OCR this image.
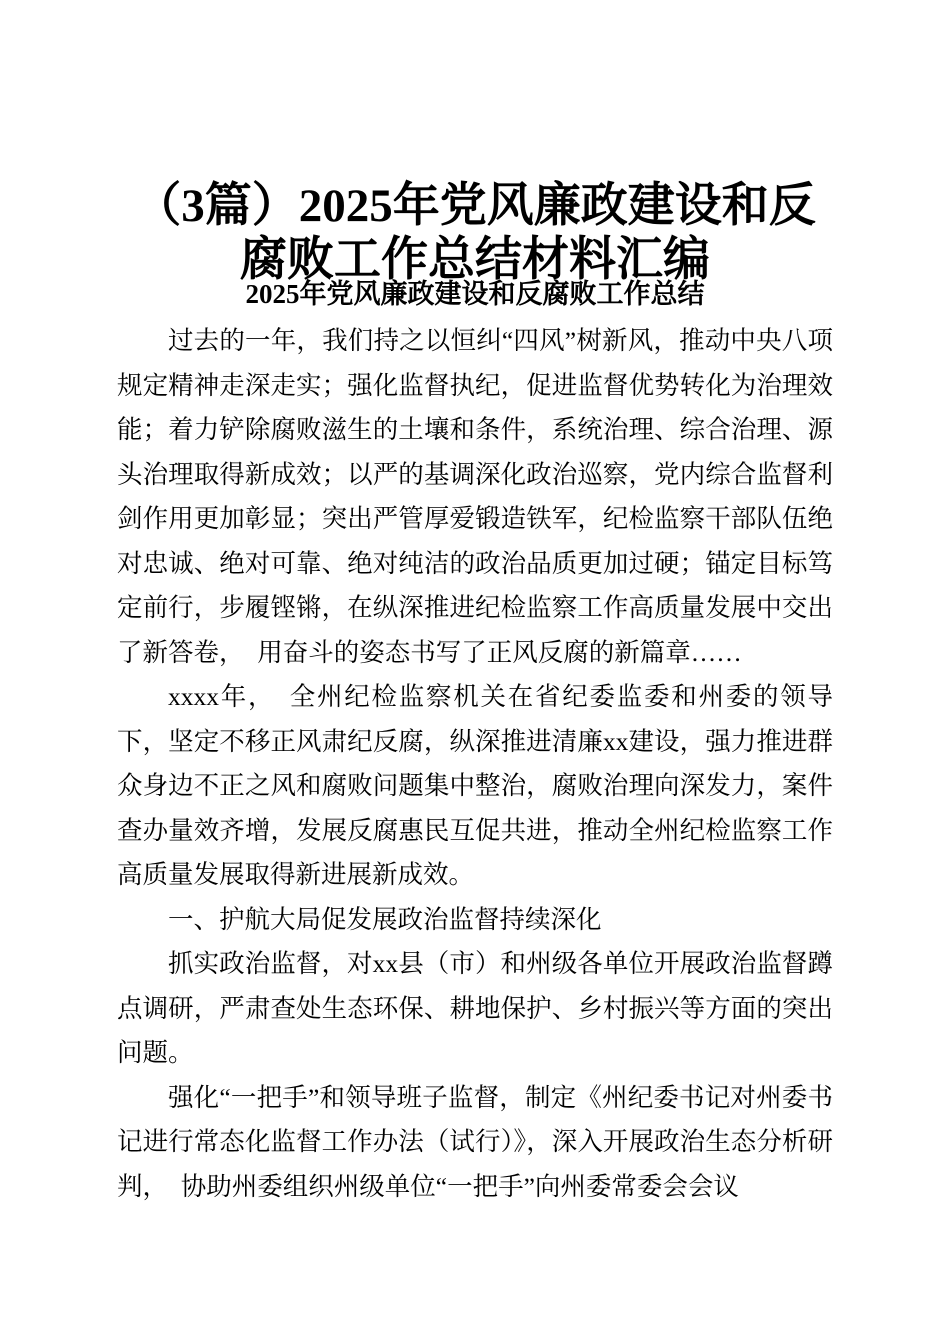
（3篇）2025年党风廉政建设和反腐败工作总结材料汇编
2025年党风廉政建设和反腐败工作总结

过去的一年，我们持之以恒纠“四风”树新风，推动中央八项规定精神走深走实；强化监督执纪，促进监督优势转化为治理效能；着力铲除腐败滋生的土壤和条件，系统治理、综合治理、源头治理取得新成效；以严的基调深化政治巡察，党内综合监督利剑作用更加彰显；突出严管厚爱锻造铁军，纪检监察干部队伍绝对忠诚、绝对可靠、绝对纯洁的政治品质更加过硬；锚定目标笃定前行，步履铿锵，在纵深推进纪检监察工作高质量发展中交出了新答卷，　用奋斗的姿态书写了正风反腐的新篇章……

xxxx年，　全州纪检监察机关在省纪委监委和州委的领导下，坚定不移正风肃纪反腐，纵深推进清廉xx建设，强力推进群众身边不正之风和腐败问题集中整治，腐败治理向深发力，案件查办量效齐增，发展反腐惠民互促共进，推动全州纪检监察工作高质量发展取得新进展新成效。

一、护航大局促发展政治监督持续深化

抓实政治监督，对xx县（市）和州级各单位开展政治监督蹲点调研，严肃查处生态环保、耕地保护、乡村振兴等方面的突出问题。

强化“一把手”和领导班子监督，制定《州纪委书记对州委书记进行常态化监督工作办法（试行）》，深入开展政治生态分析研判，　协助州委组织州级单位“一把手”向州委常委会会议
